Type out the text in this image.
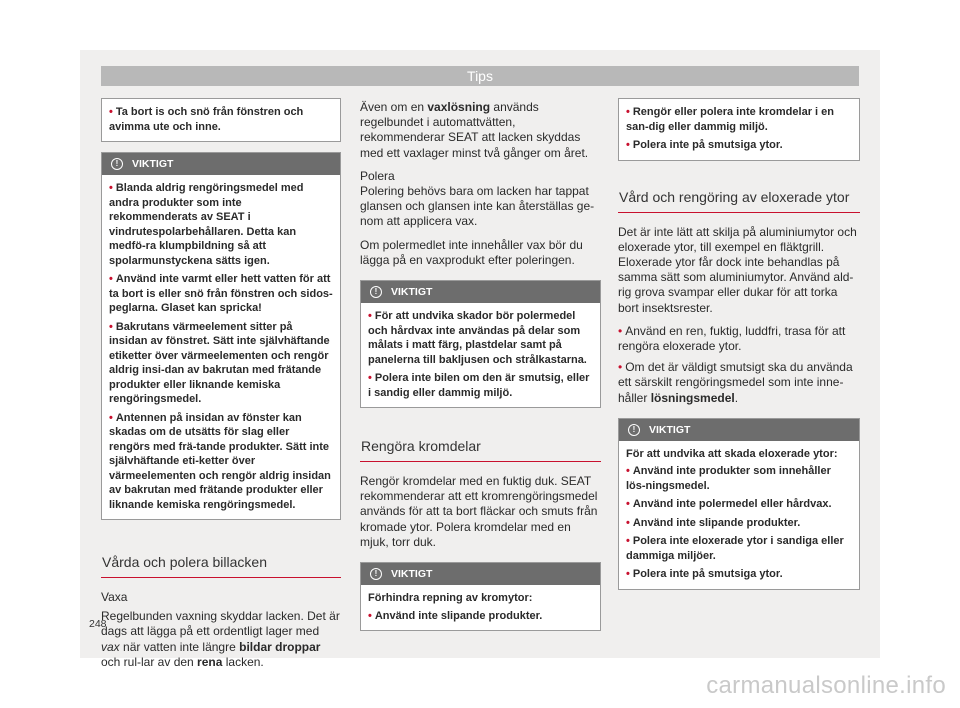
Tips
• Ta bort is och snö från fönstren och avimma ute och inne.
!	VIKTIGT
• Blanda aldrig rengöringsmedel med andra produkter som inte rekommenderats av SEAT i vindrutespolarbehållaren. Detta kan medfö-ra klumpbildning så att spolarmunstyckena sätts igen.
• Använd inte varmt eller hett vatten för att ta bort is eller snö från fönstren och sidos-peglarna. Glaset kan spricka!
• Bakrutans värmeelement sitter på insidan av fönstret. Sätt inte självhäftande etiketter över värmeelementen och rengör aldrig insi-dan av bakrutan med frätande produkter eller liknande kemiska rengöringsmedel.
• Antennen på insidan av fönster kan skadas om de utsätts för slag eller rengörs med frä-tande produkter. Sätt inte självhäftande eti-ketter över värmeelementen och rengör aldrig insidan av bakrutan med frätande produkter eller liknande kemiska rengöringsmedel.
Vårda och polera billacken

Vaxa

Regelbunden vaxning skyddar lacken. Det är dags att lägga på ett ordentligt lager med vax när vatten inte längre bildar droppar och rul-lar av den rena lacken.

Även om en vaxlösning används regelbundet i automattvätten, rekommenderar SEAT att lacken skyddas med ett vaxlager minst två gånger om året.

Polera

Polering behövs bara om lacken har tappat glansen och glansen inte kan återställas ge-nom att applicera vax.

Om polermedlet inte innehåller vax bör du lägga på en vaxprodukt efter poleringen.

!	VIKTIGT
• För att undvika skador bör polermedel och hårdvax inte användas på delar som målats i matt färg, plastdelar samt på panelerna till bakljusen och strålkastarna.
• Polera inte bilen om den är smutsig, eller i sandig eller dammig miljö.
Rengöra kromdelar

Rengör kromdelar med en fuktig duk. SEAT rekommenderar att ett kromrengöringsmedel används för att ta bort fläckar och smuts från kromade ytor. Polera kromdelar med en mjuk, torr duk.

!	VIKTIGT
Förhindra repning av kromytor:
• Använd inte slipande produkter.
• Rengör eller polera inte kromdelar i en san-dig eller dammig miljö.
• Polera inte på smutsiga ytor.
Vård och rengöring av eloxerade ytor

Det är inte lätt att skilja på aluminiumytor och eloxerade ytor, till exempel en fläktgrill. Eloxerade ytor får dock inte behandlas på samma sätt som aluminiumytor. Använd ald-rig grova svampar eller dukar för att torka bort insektsrester.

• Använd en ren, fuktig, luddfri, trasa för att rengöra eloxerade ytor.

• Om det är väldigt smutsigt ska du använda ett särskilt rengöringsmedel som inte inne-håller lösningsmedel.

!	VIKTIGT
För att undvika att skada eloxerade ytor:
• Använd inte produkter som innehåller lös-ningsmedel.
• Använd inte polermedel eller hårdvax.
• Använd inte slipande produkter.
• Polera inte eloxerade ytor i sandiga eller dammiga miljöer.
• Polera inte på smutsiga ytor.
248
carmanualsonline.info
